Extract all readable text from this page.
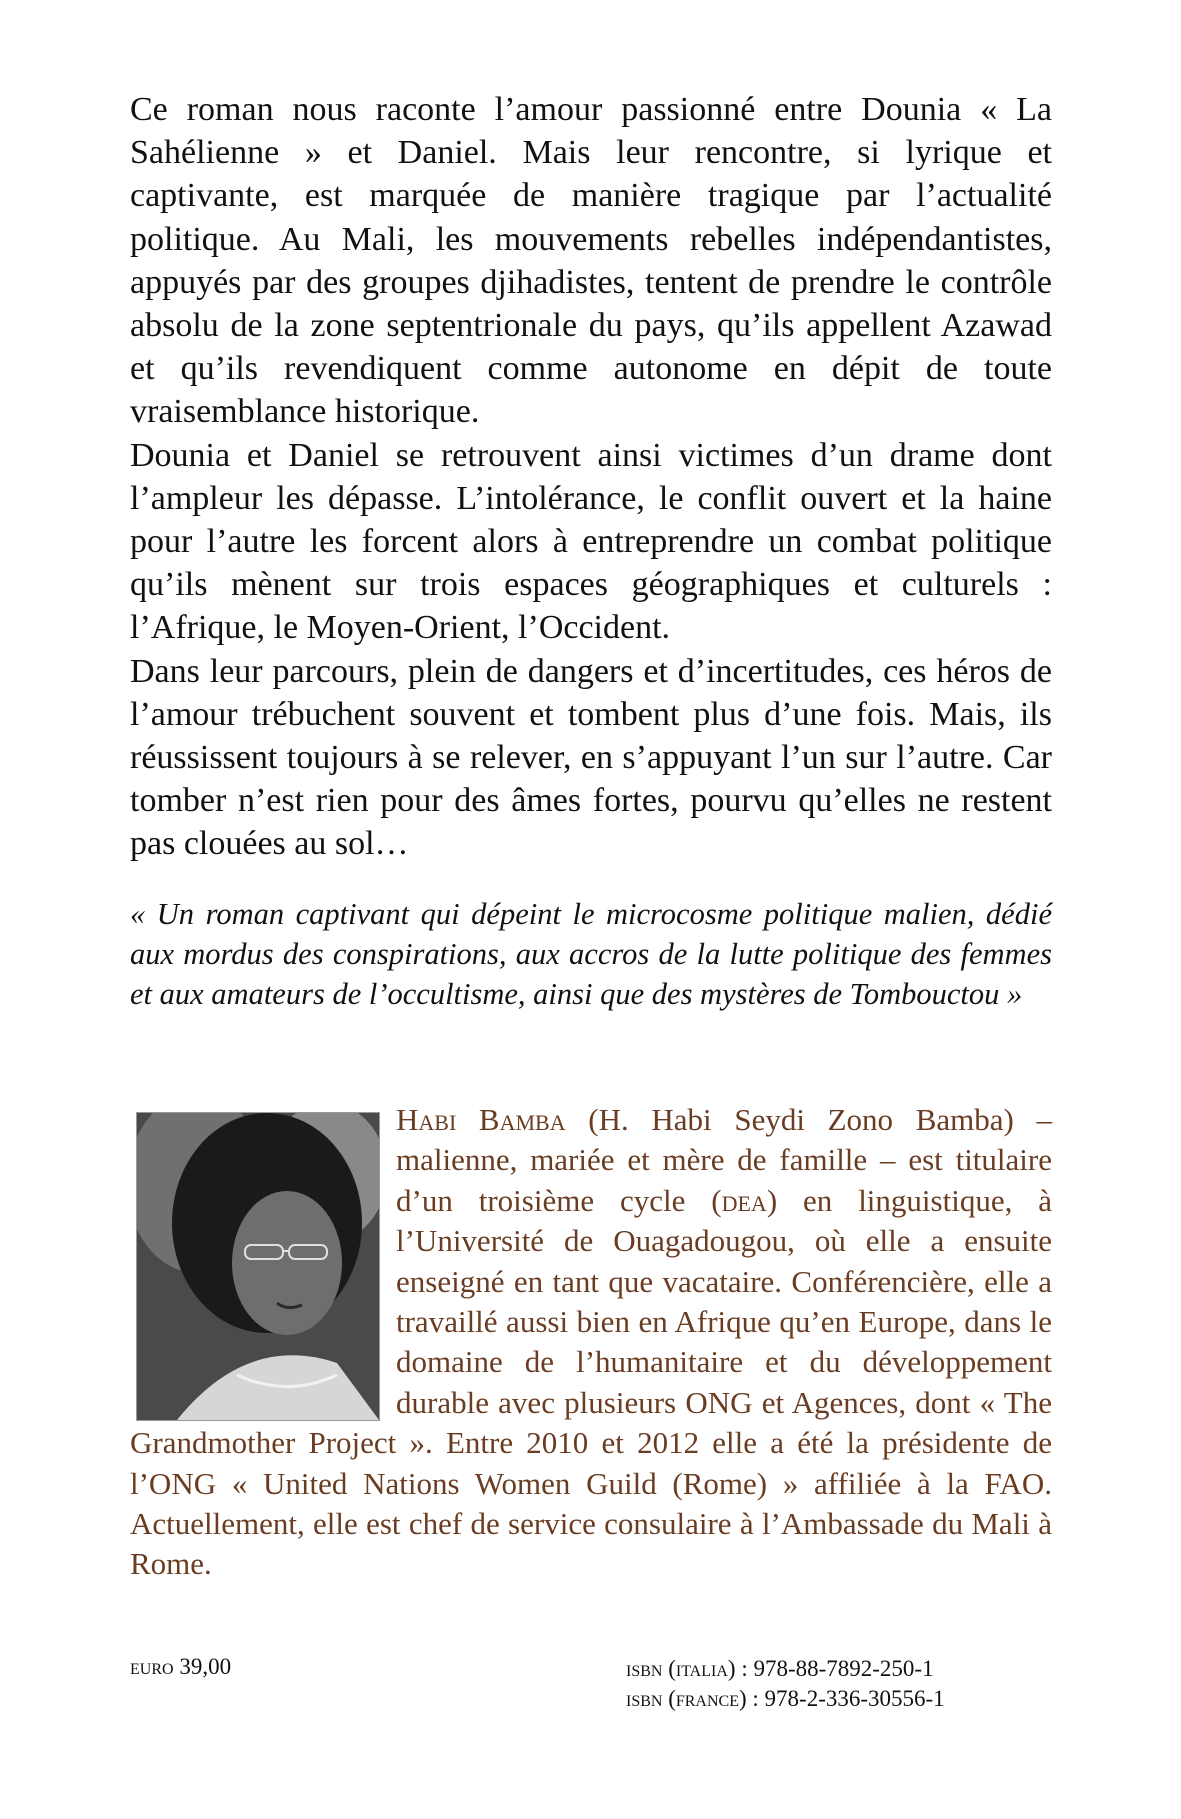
Ce roman nous raconte l’amour passionné entre Dounia « La Sahélienne » et Daniel. Mais leur rencontre, si lyrique et captivante, est marquée de manière tragique par l’actualité politique. Au Mali, les mouvements rebelles indépendantistes, appuyés par des groupes djihadistes, tentent de prendre le contrôle absolu de la zone septentrionale du pays, qu’ils appellent Azawad et qu’ils revendiquent comme autonome en dépit de toute vraisemblance historique.

Dounia et Daniel se retrouvent ainsi victimes d’un drame dont l’ampleur les dépasse. L’intolérance, le conflit ouvert et la haine pour l’autre les forcent alors à entreprendre un combat politique qu’ils mènent sur trois espaces géographiques et culturels : l’Afrique, le Moyen-Orient, l’Occident.

Dans leur parcours, plein de dangers et d’incertitudes, ces héros de l’amour trébuchent souvent et tombent plus d’une fois. Mais, ils réussissent toujours à se relever, en s’appuyant l’un sur l’autre. Car tomber n’est rien pour des âmes fortes, pourvu qu’elles ne restent pas clouées au sol…

« Un roman captivant qui dépeint le microcosme politique malien, dédié aux mordus des conspirations, aux accros de la lutte politique des femmes et aux amateurs de l’occultisme, ainsi que des mystères de Tombouctou »

Habi Bamba (H. Habi Seydi Zono Bamba) – malienne, mariée et mère de famille – est titulaire d’un troisième cycle (dea) en linguistique, à l’Université de Ouagadougou, où elle a ensuite enseigné en tant que vacataire. Conférencière, elle a travaillé aussi bien en Afrique qu’en Europe, dans le domaine de l’humanitaire et du développement durable avec plusieurs ONG et Agences, dont « The Grandmother Project ». Entre 2010 et 2012 elle a été la présidente de l’ONG « United Nations Women Guild (Rome) » affiliée à la FAO. Actuellement, elle est chef de service consulaire à l’Ambassade du Mali à Rome.
euro 39,00	isbn (italia) : 978-88-7892-250-1
isbn (france) : 978-2-336-30556-1
